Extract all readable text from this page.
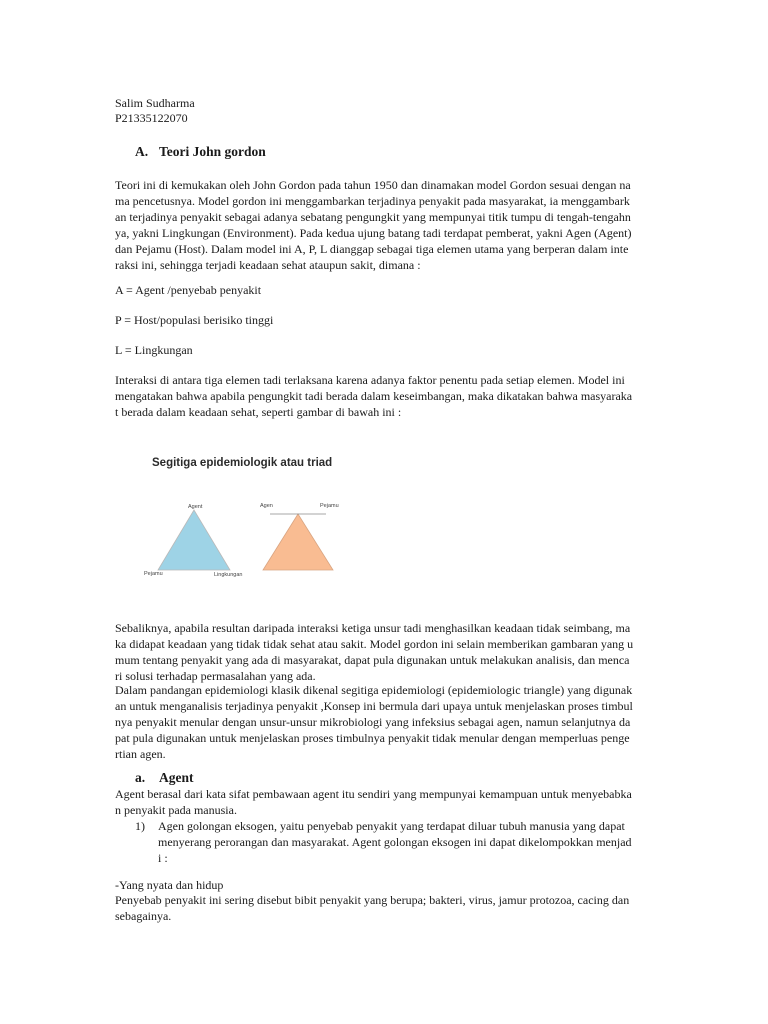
Salim Sudharma
P21335122070
A. Teori John gordon

Teori ini di kemukakan oleh John Gordon pada tahun 1950 dan dinamakan model Gordon sesuai dengan na

ma pencetusnya. Model gordon ini menggambarkan terjadinya penyakit pada masyarakat, ia menggambark

an terjadinya penyakit sebagai adanya sebatang pengungkit yang mempunyai titik tumpu di tengah-tengahn

ya, yakni Lingkungan (Environment). Pada kedua ujung batang tadi terdapat pemberat, yakni Agen (Agent)

dan Pejamu (Host). Dalam model ini A, P, L dianggap sebagai tiga elemen utama yang berperan dalam inte

raksi ini, sehingga terjadi keadaan sehat ataupun sakit, dimana :

A = Agent /penyebab penyakit
P = Host/populasi berisiko tinggi
L = Lingkungan

Interaksi di antara tiga elemen tadi terlaksana karena adanya faktor penentu pada setiap elemen. Model ini

mengatakan bahwa apabila pengungkit tadi berada dalam keseimbangan, maka dikatakan bahwa masyaraka

t berada dalam keadaan sehat, seperti gambar di bawah ini :

Segitiga epidemiologik atau triad
Agent
Pejamu	Lingkungan
Agen	Pejamu

Sebaliknya, apabila resultan daripada interaksi ketiga unsur tadi menghasilkan keadaan tidak seimbang, ma

ka didapat keadaan yang tidak tidak sehat atau sakit. Model gordon ini selain memberikan gambaran yang u

mum tentang penyakit yang ada di masyarakat, dapat pula digunakan untuk melakukan analisis, dan menca

ri solusi terhadap permasalahan yang ada.

Dalam pandangan epidemiologi klasik dikenal segitiga epidemiologi (epidemiologic triangle) yang digunak

an untuk menganalisis terjadinya penyakit ,Konsep ini bermula dari upaya untuk menjelaskan proses timbul

nya penyakit menular dengan unsur-unsur mikrobiologi yang infeksius sebagai agen, namun selanjutnya da

pat pula digunakan untuk menjelaskan proses timbulnya penyakit tidak menular dengan memperluas penge

rtian agen.

a. Agent

Agent berasal dari kata sifat pembawaan agent itu sendiri yang mempunyai kemampuan untuk menyebabka

n penyakit pada manusia.

1) Agen golongan eksogen, yaitu penyebab penyakit yang terdapat diluar tubuh manusia yang dapat

menyerang perorangan dan masyarakat. Agent golongan eksogen ini dapat dikelompokkan menjad

i :

-Yang nyata dan hidup

Penyebab penyakit ini sering disebut bibit penyakit yang berupa; bakteri, virus, jamur protozoa, cacing dan

sebagainya.
